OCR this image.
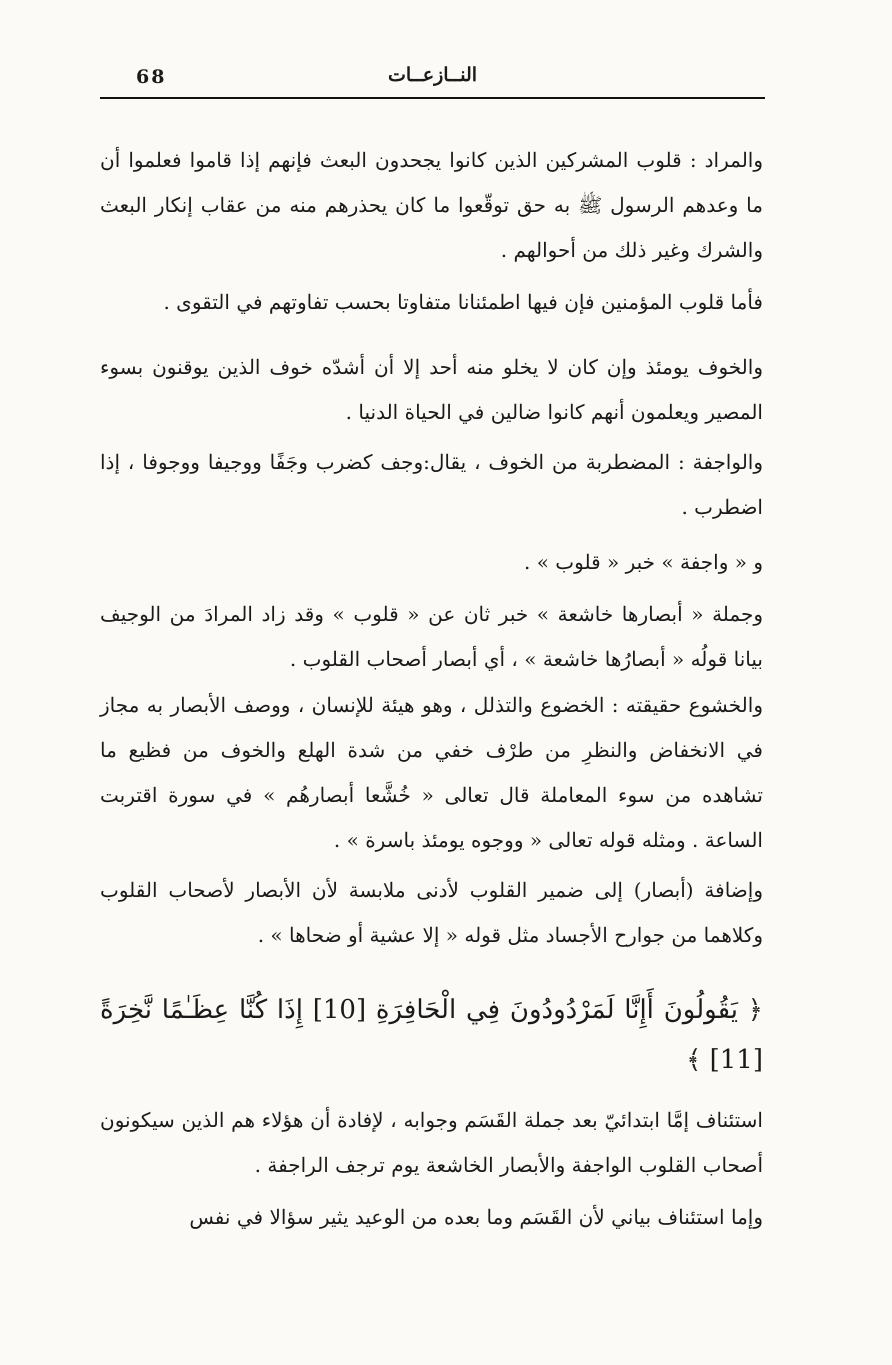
68	النــازعــات
والمراد : قلوب المشركين الذين كانوا يجحدون البعث فإنهم إذا قاموا فعلموا أن ما وعدهم الرسول ﷺ به حق توقّعوا ما كان يحذرهم منه من عقاب إنكار البعث والشرك وغير ذلك من أحوالهم .
فأما قلوب المؤمنين فإن فيها اطمئنانا متفاوتا بحسب تفاوتهم في التقوى .
والخوف يومئذ وإن كان لا يخلو منه أحد إلا أن أشدّه خوف الذين يوقنون بسوء المصير ويعلمون أنهم كانوا ضالين في الحياة الدنيا .
والواجفة : المضطربة من الخوف ، يقال:وجف كضرب وجَفًا ووجيفا ووجوفا ، إذا اضطرب .
و « واجفة » خبر « قلوب » .
وجملة « أبصارها خاشعة » خبر ثان عن « قلوب » وقد زاد المرادَ من الوجيف بيانا قولُه « أبصارُها خاشعة » ، أي أبصار أصحاب القلوب .
والخشوع حقيقته : الخضوع والتذلل ، وهو هيئة للإنسان ، ووصف الأبصار به مجاز في الانخفاض والنظرِ من طرْف خفي من شدة الهلع والخوف من فظيع ما تشاهده من سوء المعاملة قال تعالى « خُشَّعا أبصارهُم » في سورة اقتربت الساعة . ومثله قوله تعالى « ووجوه يومئذ باسرة » .
وإضافة (أبصار) إلى ضمير القلوب لأدنى ملابسة لأن الأبصار لأصحاب القلوب وكلاهما من جوارح الأجساد مثل قوله « إلا عشية أو ضحاها » .
﴿ يَقُولُونَ أَإِنَّا لَمَرْدُودُونَ فِي الْحَافِرَةِ [10] إِذَا كُنَّا عِظَـٰمًا نَّخِرَةً [11] ﴾
استئناف إمَّا ابتدائيّ بعد جملة القَسَم وجوابه ، لإفادة أن هؤلاء هم الذين سيكونون أصحاب القلوب الواجفة والأبصار الخاشعة يوم ترجف الراجفة .
وإما استئناف بياني لأن القَسَم وما بعده من الوعيد يثير سؤالا في نفس
